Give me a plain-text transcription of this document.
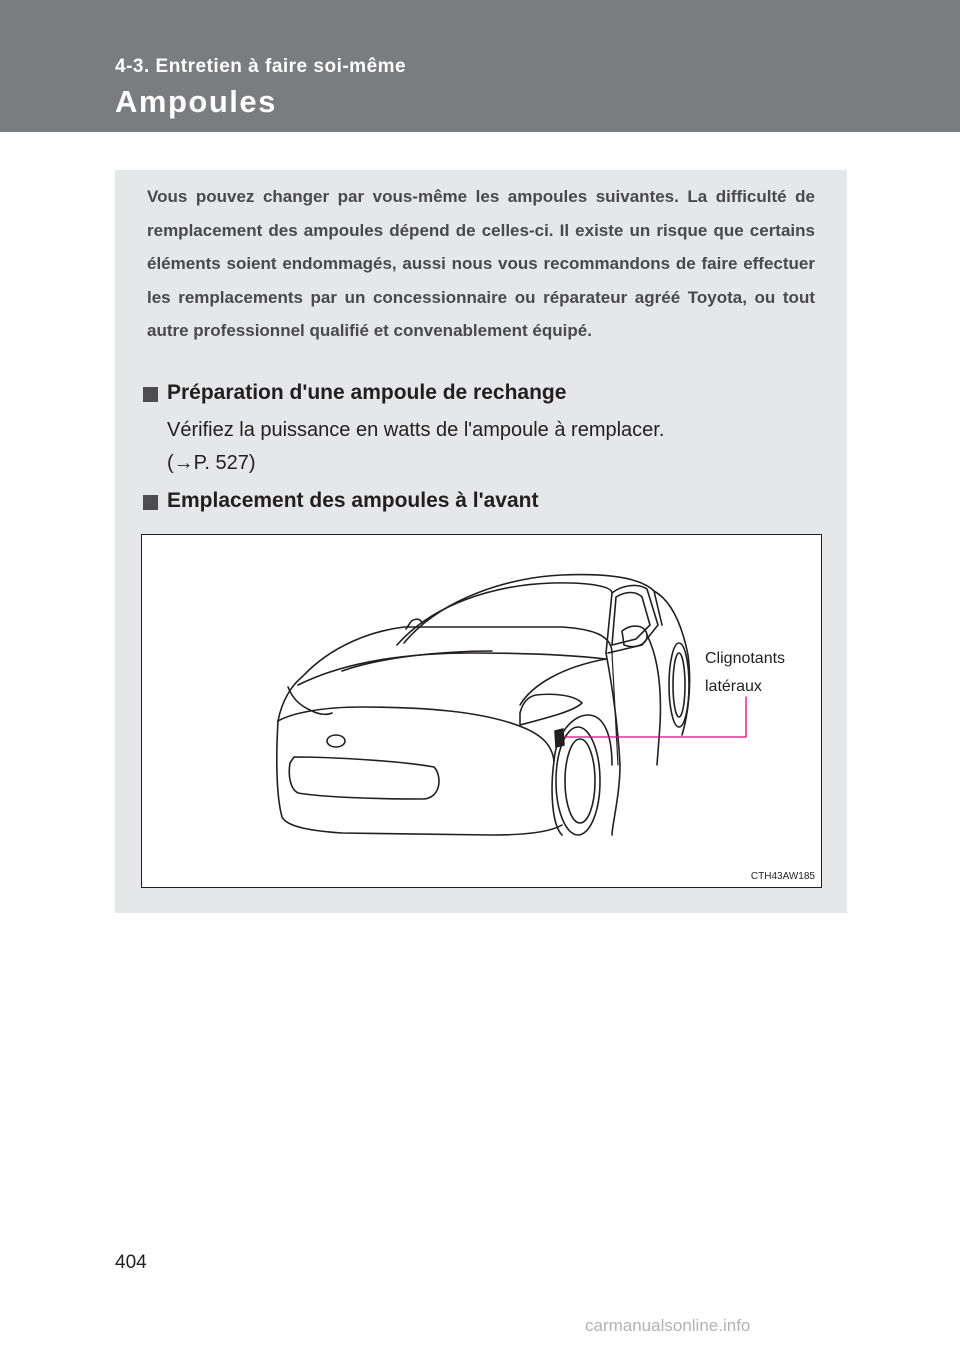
4-3. Entretien à faire soi-même
Ampoules
Vous pouvez changer par vous-même les ampoules suivantes. La difficulté de remplacement des ampoules dépend de celles-ci. Il existe un risque que certains éléments soient endommagés, aussi nous vous recommandons de faire effectuer les remplacements par un concessionnaire ou réparateur agréé Toyota, ou tout autre professionnel qualifié et convenablement équipé.
Préparation d'une ampoule de rechange
Vérifiez la puissance en watts de l'ampoule à remplacer.
(→P. 527)
Emplacement des ampoules à l'avant
Clignotants
latéraux
CTH43AW185
404
carmanualsonline.info
